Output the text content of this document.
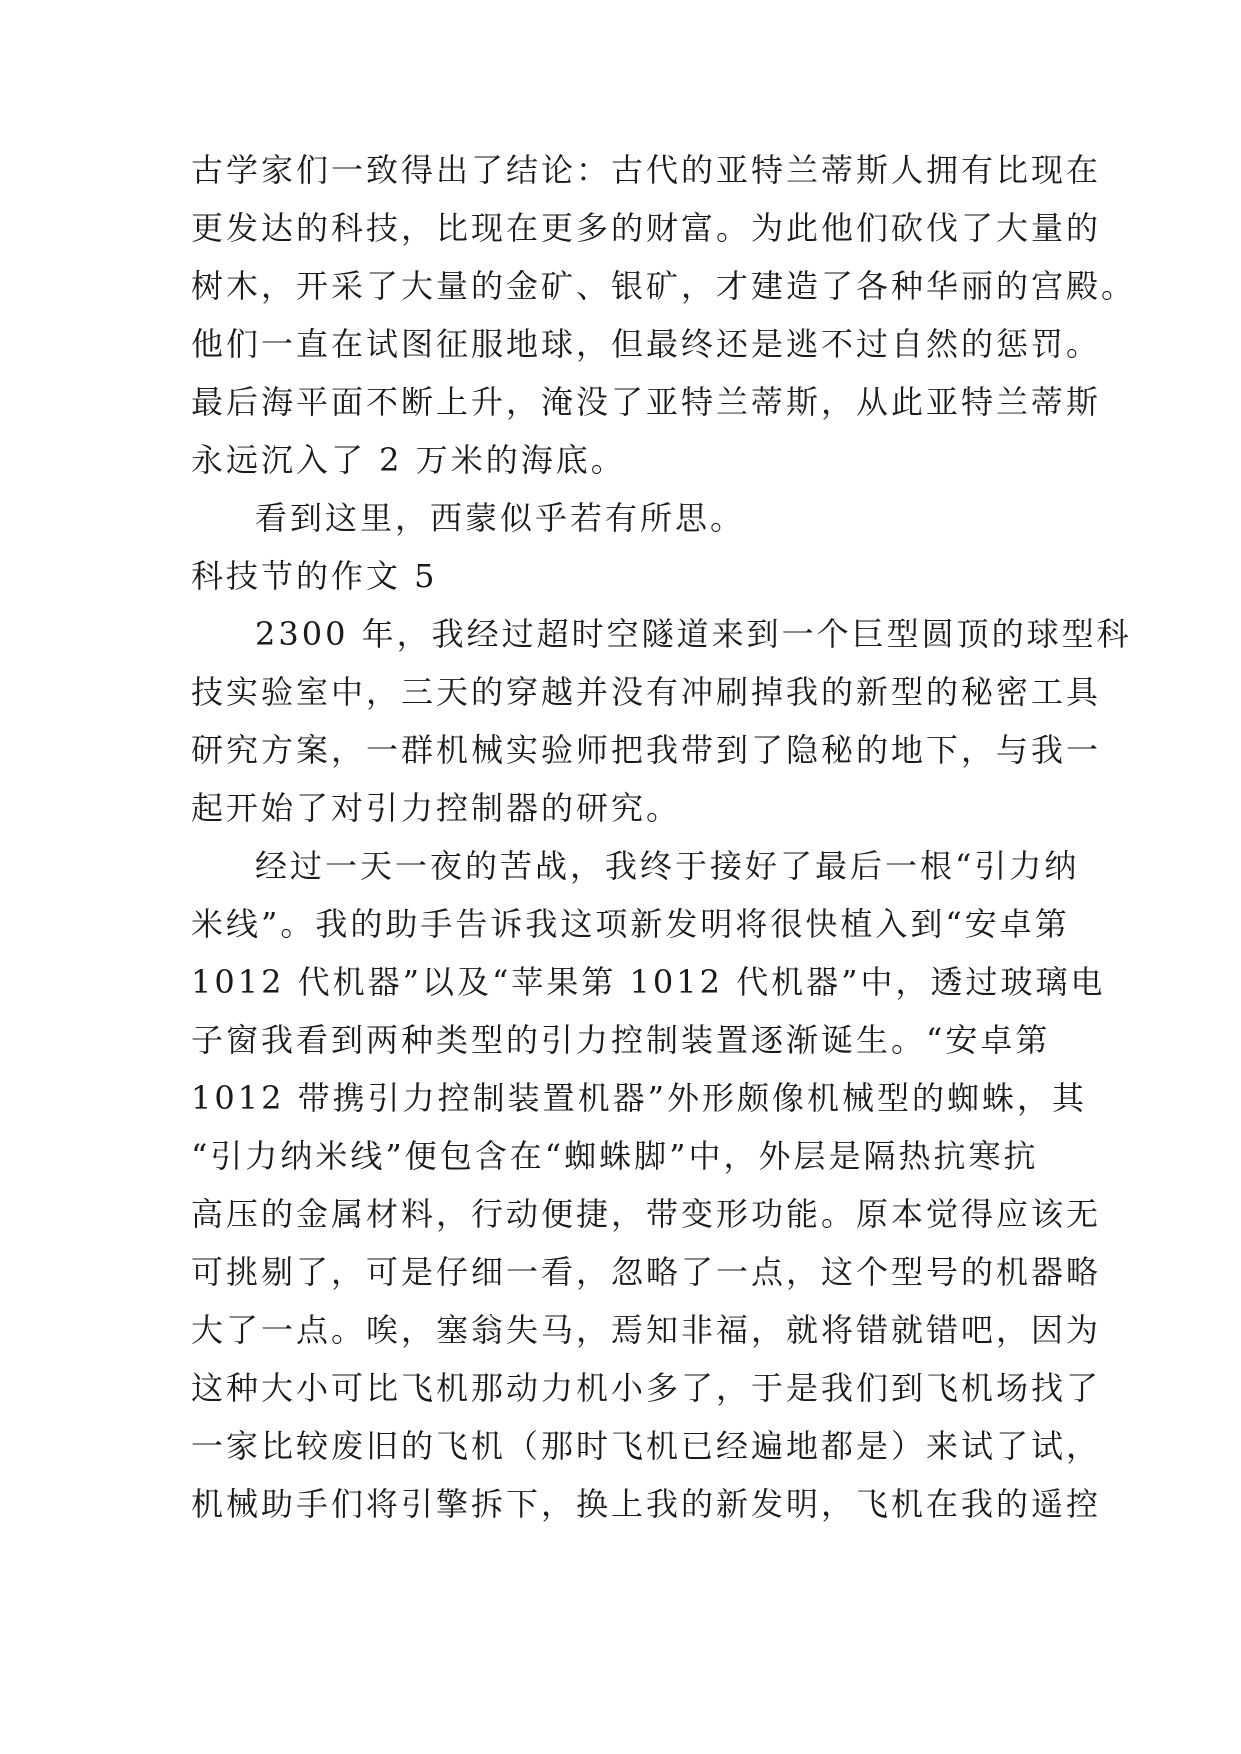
古学家们一致得出了结论：古代的亚特兰蒂斯人拥有比现在
更发达的科技，比现在更多的财富。为此他们砍伐了大量的
树木，开采了大量的金矿、银矿，才建造了各种华丽的宫殿。
他们一直在试图征服地球，但最终还是逃不过自然的惩罚。
最后海平面不断上升，淹没了亚特兰蒂斯，从此亚特兰蒂斯
永远沉入了 2 万米的海底。
看到这里，西蒙似乎若有所思。
科技节的作文 5
2300 年，我经过超时空隧道来到一个巨型圆顶的球型科
技实验室中，三天的穿越并没有冲刷掉我的新型的秘密工具
研究方案，一群机械实验师把我带到了隐秘的地下，与我一
起开始了对引力控制器的研究。
经过一天一夜的苦战，我终于接好了最后一根“引力纳
米线”。我的助手告诉我这项新发明将很快植入到“安卓第
1012 代机器”以及“苹果第 1012 代机器”中，透过玻璃电
子窗我看到两种类型的引力控制装置逐渐诞生。“安卓第
1012 带携引力控制装置机器”外形颇像机械型的蜘蛛，其
“引力纳米线”便包含在“蜘蛛脚”中，外层是隔热抗寒抗
高压的金属材料，行动便捷，带变形功能。原本觉得应该无
可挑剔了，可是仔细一看，忽略了一点，这个型号的机器略
大了一点。唉，塞翁失马，焉知非福，就将错就错吧，因为
这种大小可比飞机那动力机小多了，于是我们到飞机场找了
一家比较废旧的飞机（那时飞机已经遍地都是）来试了试，
机械助手们将引擎拆下，换上我的新发明，飞机在我的遥控
